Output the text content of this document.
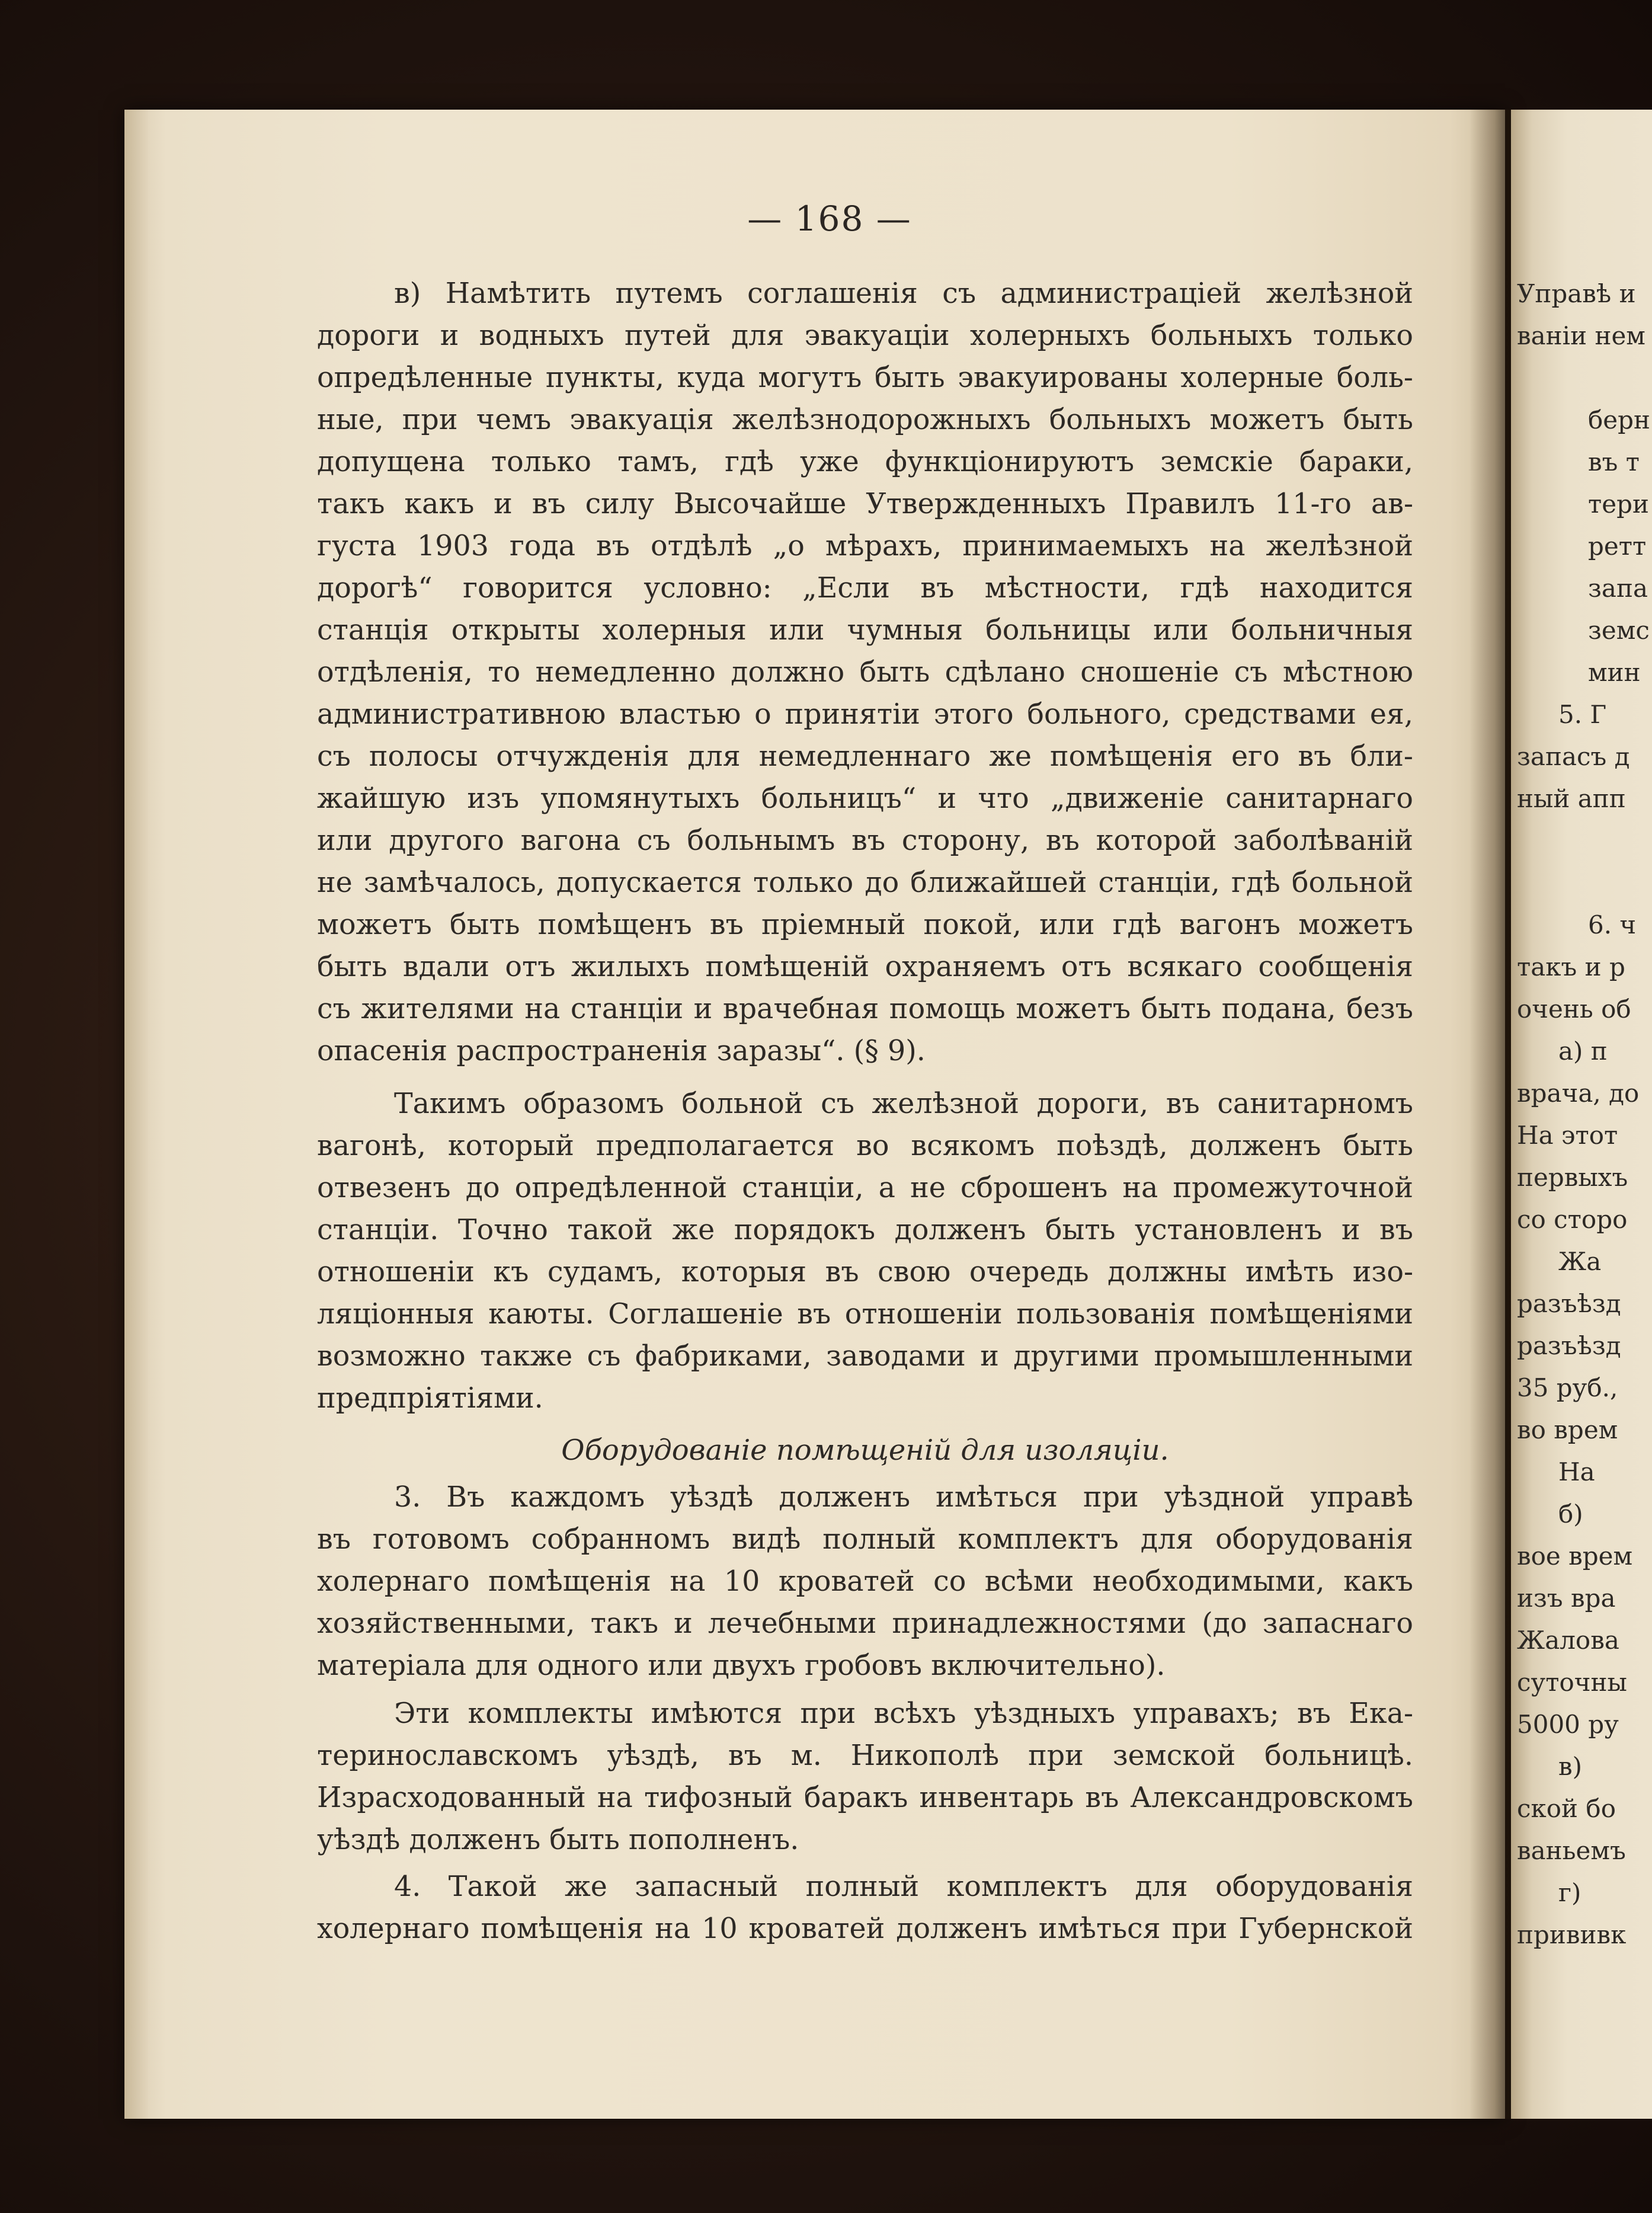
— 168 —
в) Намѣтить путемъ соглашенія съ администраціей желѣзной
дороги и водныхъ путей для эвакуаціи холерныхъ больныхъ только
опредѣленные пункты, куда могутъ быть эвакуированы холерные боль-
ные, при чемъ эвакуація желѣзнодорожныхъ больныхъ можетъ быть
допущена только тамъ, гдѣ уже функціонируютъ земскіе бараки,
такъ какъ и въ силу Высочайше Утвержденныхъ Правилъ 11-го ав-
густа 1903 года въ отдѣлѣ „о мѣрахъ, принимаемыхъ на желѣзной
дорогѣ“ говорится условно: „Если въ мѣстности, гдѣ находится
станція открыты холерныя или чумныя больницы или больничныя
отдѣленія, то немедленно должно быть сдѣлано сношеніе съ мѣстною
административною властью о принятіи этого больного, средствами ея,
съ полосы отчужденія для немедленнаго же помѣщенія его въ бли-
жайшую изъ упомянутыхъ больницъ“ и что „движеніе санитарнаго
или другого вагона съ больнымъ въ сторону, въ которой заболѣваній
не замѣчалось, допускается только до ближайшей станціи, гдѣ больной
можетъ быть помѣщенъ въ пріемный покой, или гдѣ вагонъ можетъ
быть вдали отъ жилыхъ помѣщеній охраняемъ отъ всякаго сообщенія
съ жителями на станціи и врачебная помощь можетъ быть подана, безъ
опасенія распространенія заразы“. (§ 9).
Такимъ образомъ больной съ желѣзной дороги, въ санитарномъ
вагонѣ, который предполагается во всякомъ поѣздѣ, долженъ быть
отвезенъ до опредѣленной станціи, а не сброшенъ на промежуточной
станціи. Точно такой же порядокъ долженъ быть установленъ и въ
отношеніи къ судамъ, которыя въ свою очередь должны имѣть изо-
ляціонныя каюты. Соглашеніе въ отношеніи пользованія помѣщеніями
возможно также съ фабриками, заводами и другими промышленными
предпріятіями.
Оборудованіе помѣщеній для изоляціи.
3. Въ каждомъ уѣздѣ долженъ имѣться при уѣздной управѣ
въ готовомъ собранномъ видѣ полный комплектъ для оборудованія
холернаго помѣщенія на 10 кроватей со всѣми необходимыми, какъ
хозяйственными, такъ и лечебными принадлежностями (до запаснаго
матеріала для одного или двухъ гробовъ включительно).
Эти комплекты имѣются при всѣхъ уѣздныхъ управахъ; въ Ека-
теринославскомъ уѣздѣ, въ м. Никополѣ при земской больницѣ.
Израсходованный на тифозный баракъ инвентарь въ Александровскомъ
уѣздѣ долженъ быть пополненъ.
4. Такой же запасный полный комплектъ для оборудованія
холернаго помѣщенія на 10 кроватей долженъ имѣться при Губернской
Управѣ и
ваніи нем
берн
въ т
тери
ретт
запа
земс
мин
5. Г
запасъ д
ный апп
6. ч
такъ и р
очень об
а) п
врача, до
На этот
первыхъ
со сторо
Жа
разъѣзд
разъѣзд
35 руб.,
во врем
На
б)
вое врем
изъ вра
Жалова
суточны
5000 ру
в)
ской бо
ваньемъ
г)
прививк
